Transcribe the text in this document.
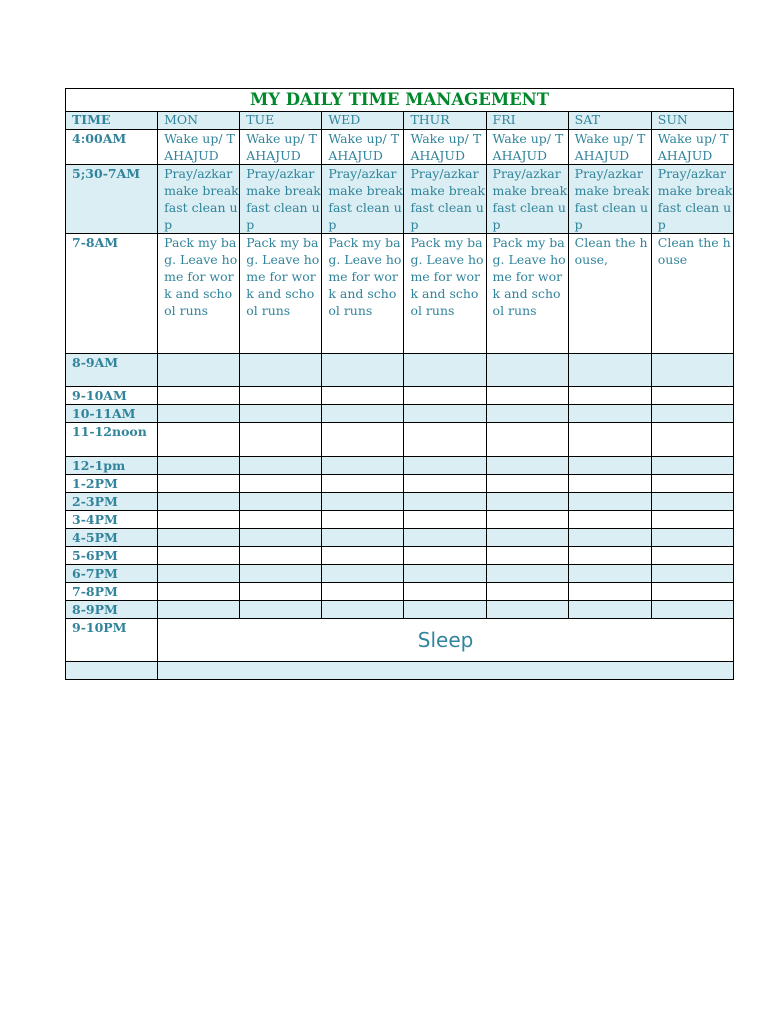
MY DAILY TIME MANAGEMENT							
TIME	MON	TUE	WED	THUR	FRI	SAT	SUN
4:00AM	Wake up/ TAHAJUD	Wake up/ TAHAJUD	Wake up/ TAHAJUD	Wake up/ TAHAJUD	Wake up/ TAHAJUD	Wake up/ TAHAJUD	Wake up/ TAHAJUD
5;30-7AM	Pray/azkar make break fast clean up	Pray/azkar make break fast clean up	Pray/azkar make break fast clean up	Pray/azkar make break fast clean up	Pray/azkar make break fast clean up	Pray/azkar make break fast clean up	Pray/azkar make break fast clean up
7-8AM	Pack my bag. Leave home for work and school runs	Pack my bag. Leave home for work and school runs	Pack my bag. Leave home for work and school runs	Pack my bag. Leave home for work and school runs	Pack my bag. Leave home for work and school runs	Clean the house,	Clean the house
8-9AM							
9-10AM							
10-11AM							
11-12noon							
12-1pm							
1-2PM							
2-3PM							
3-4PM							
4-5PM							
5-6PM							
6-7PM							
7-8PM							
8-9PM							
9-10PM	Sleep						
